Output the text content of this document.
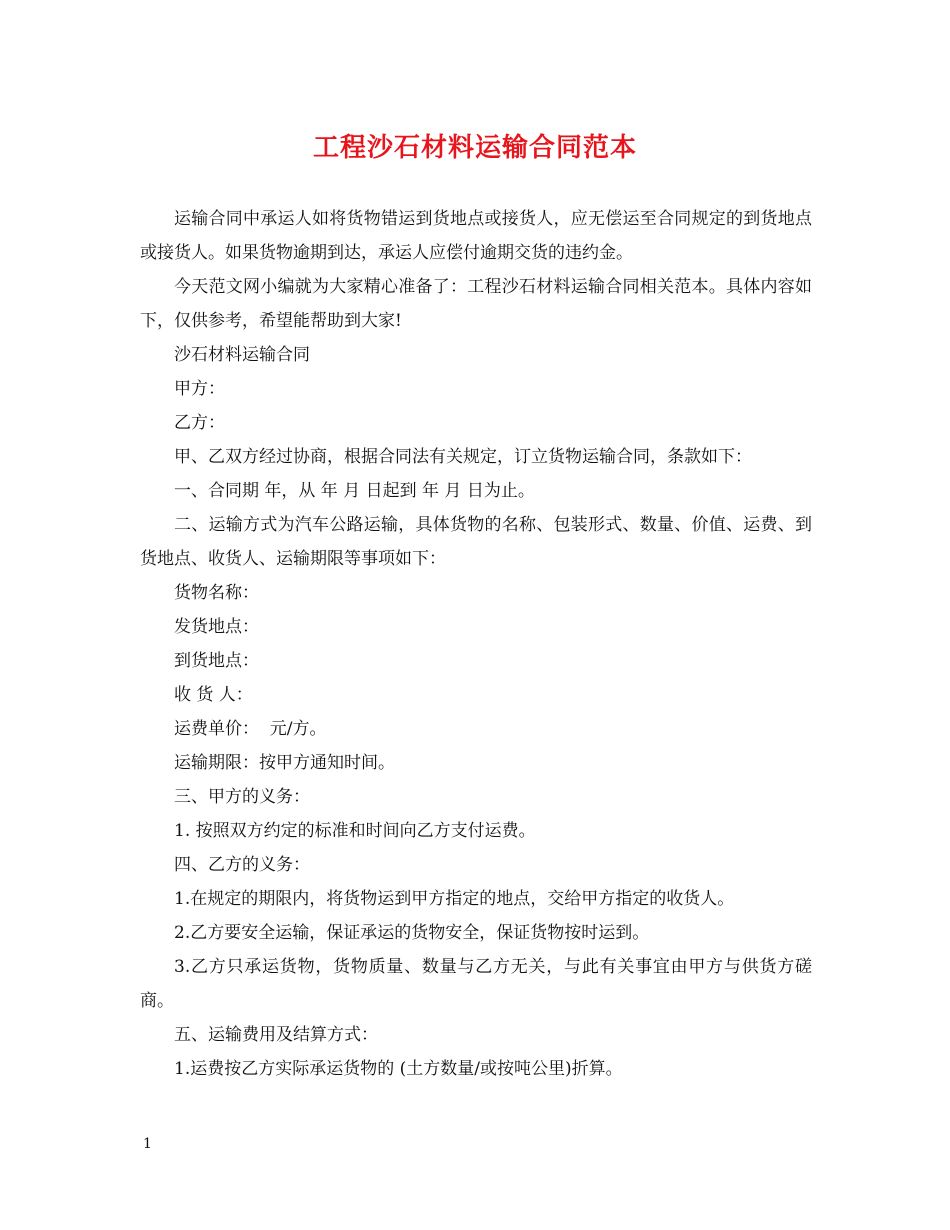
工程沙石材料运输合同范本

运输合同中承运人如将货物错运到货地点或接货人，应无偿运至合同规定的到货地点或接货人。如果货物逾期到达，承运人应偿付逾期交货的违约金。

今天范文网小编就为大家精心准备了：工程沙石材料运输合同相关范本。具体内容如下，仅供参考，希望能帮助到大家!

沙石材料运输合同

甲方：

乙方：

甲、乙双方经过协商，根据合同法有关规定，订立货物运输合同，条款如下：

一、合同期 年，从 年 月 日起到 年 月 日为止。

二、运输方式为汽车公路运输，具体货物的名称、包装形式、数量、价值、运费、到货地点、收货人、运输期限等事项如下：

货物名称：

发货地点：

到货地点：

收 货 人：

运费单价：  元/方。

运输期限：按甲方通知时间。

三、甲方的义务：

1. 按照双方约定的标准和时间向乙方支付运费。

四、乙方的义务：

1.在规定的期限内，将货物运到甲方指定的地点，交给甲方指定的收货人。

2.乙方要安全运输，保证承运的货物安全，保证货物按时运到。

3.乙方只承运货物，货物质量、数量与乙方无关，与此有关事宜由甲方与供货方磋商。

五、运输费用及结算方式：

1.运费按乙方实际承运货物的 (土方数量/或按吨公里)折算。

1
